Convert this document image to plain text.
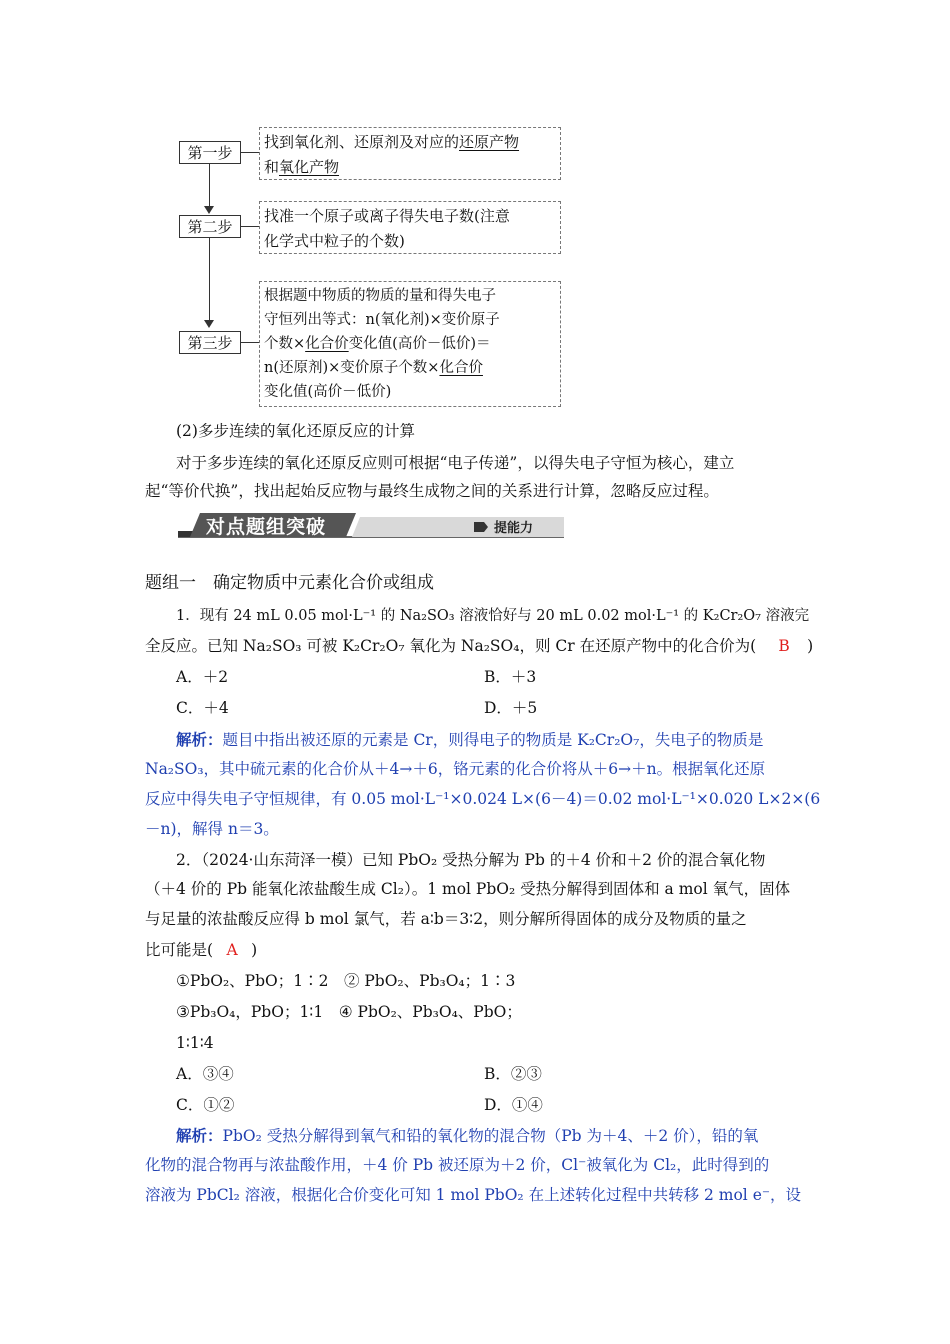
第一步
找到氧化剂、还原剂及对应的还原产物
和氧化产物
第二步
找准一个原子或离子得失电子数(注意
化学式中粒子的个数)
第三步
根据题中物质的物质的量和得失电子
守恒列出等式：n(氧化剂)×变价原子
个数×化合价变化值(高价－低价)＝
n(还原剂)×变价原子个数×化合价
变化值(高价－低价)
(2)多步连续的氧化还原反应的计算
对于多步连续的氧化还原反应则可根据“电子传递”，以得失电子守恒为核心，建立
起“等价代换”，找出起始反应物与最终生成物之间的关系进行计算，忽略反应过程。
对点题组突破	提能力
题组一　确定物质中元素化合价或组成
1．现有 24 mL 0.05 mol·L⁻¹ 的 Na₂SO₃ 溶液恰好与 20 mL 0.02 mol·L⁻¹ 的 K₂Cr₂O₇ 溶液完
全反应。已知 Na₂SO₃ 可被 K₂Cr₂O₇ 氧化为 Na₂SO₄，则 Cr 在还原产物中的化合价为( B )
A．＋2	B．＋3
C．＋4	D．＋5
解析：题目中指出被还原的元素是 Cr，则得电子的物质是 K₂Cr₂O₇，失电子的物质是
Na₂SO₃，其中硫元素的化合价从＋4→＋6，铬元素的化合价将从＋6→＋n。根据氧化还原
反应中得失电子守恒规律，有 0.05 mol·L⁻¹×0.024 L×(6－4)＝0.02 mol·L⁻¹×0.020 L×2×(6
－n)，解得 n＝3。
2．（2024·山东菏泽一模）已知 PbO₂ 受热分解为 Pb 的＋4 价和＋2 价的混合氧化物
（＋4 价的 Pb 能氧化浓盐酸生成 Cl₂）。1 mol PbO₂ 受热分解得到固体和 a mol 氧气，固体
与足量的浓盐酸反应得 b mol 氯气，若 a∶b＝3∶2，则分解所得固体的成分及物质的量之
比可能是( A )
①PbO₂、PbO；1∶2　② PbO₂、Pb₃O₄；1∶3
③Pb₃O₄，PbO；1∶1　④ PbO₂、Pb₃O₄、PbO；
1∶1∶4
A．③④	B．②③
C．①②	D．①④
解析：PbO₂ 受热分解得到氧气和铅的氧化物的混合物（Pb 为＋4、＋2 价），铅的氧
化物的混合物再与浓盐酸作用，＋4 价 Pb 被还原为＋2 价，Cl⁻被氧化为 Cl₂，此时得到的
溶液为 PbCl₂ 溶液，根据化合价变化可知 1 mol PbO₂ 在上述转化过程中共转移 2 mol e⁻，设
